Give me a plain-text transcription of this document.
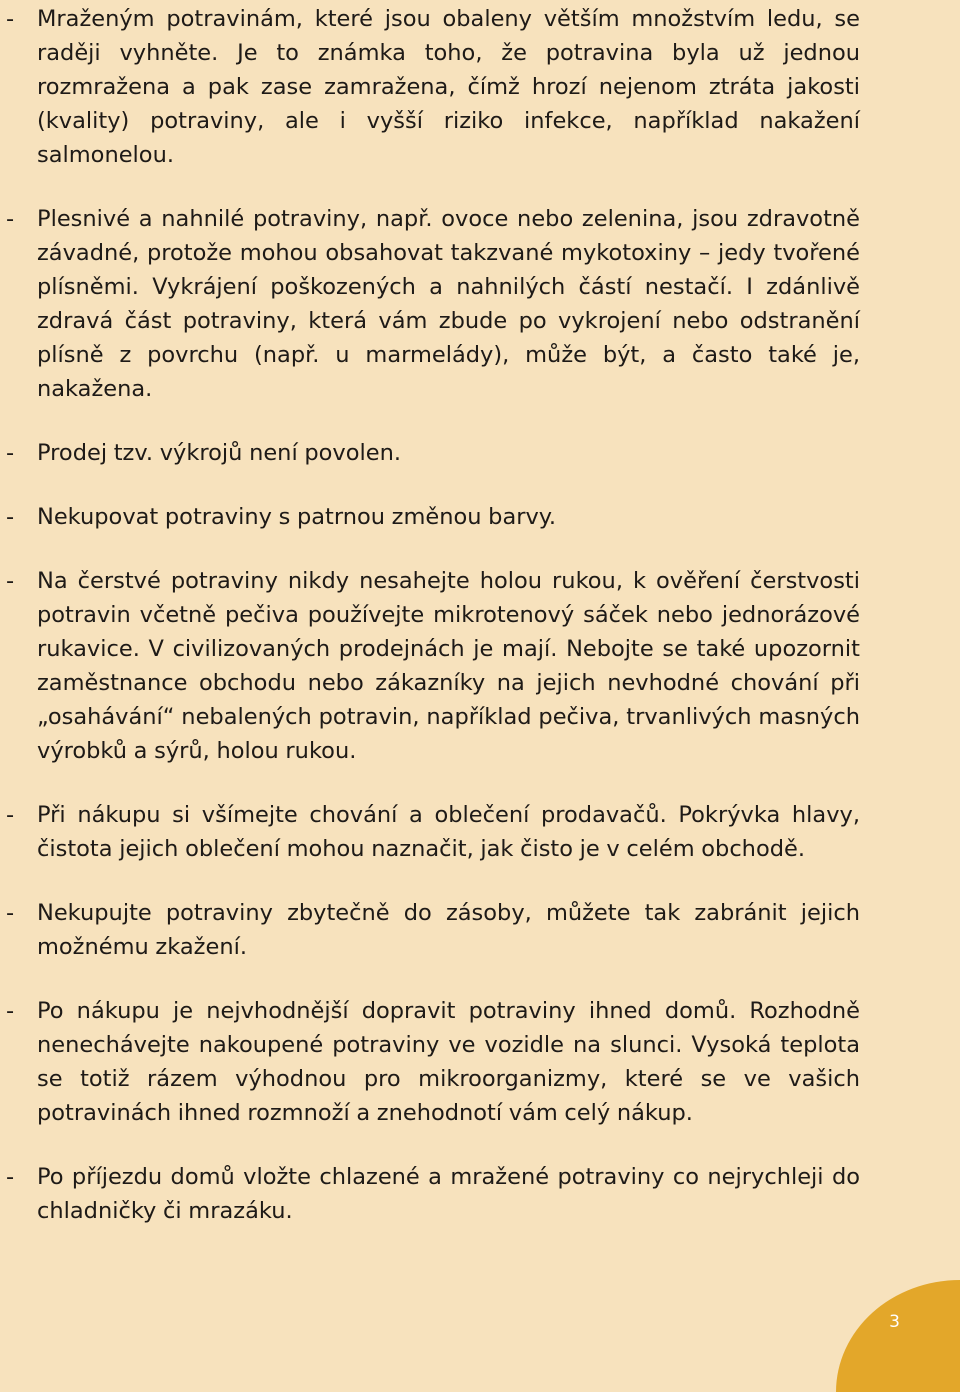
- Mraženým potravinám, které jsou obaleny větším množstvím ledu, se raději vyhněte. Je to známka toho, že potravina byla už jednou rozmražena a pak zase zamražena, čímž hrozí nejenom ztráta jakosti (kvality) potraviny, ale i vyšší riziko infekce, například nakažení salmonelou.
- Plesnivé a nahnilé potraviny, např. ovoce nebo zelenina, jsou zdravotně závadné, protože mohou obsahovat takzvané mykotoxiny – jedy tvořené plísněmi. Vykrájení poškozených a nahnilých částí nestačí. I zdánlivě zdravá část potraviny, která vám zbude po vykrojení nebo odstranění plísně z povrchu (např. u marmelády), může být, a často také je, nakažena.
- Prodej tzv. výkrojů není povolen.
- Nekupovat potraviny s patrnou změnou barvy.
- Na čerstvé potraviny nikdy nesahejte holou rukou, k ověření čerstvosti potravin včetně pečiva používejte mikrotenový sáček nebo jednorázové rukavice. V civilizovaných prodejnách je mají. Nebojte se také upozornit zaměstnance obchodu nebo zákazníky na jejich nevhodné chování při „osahávání“ nebalených potravin, například pečiva, trvanlivých masných výrobků a sýrů, holou rukou.
- Při nákupu si všímejte chování a oblečení prodavačů. Pokrývka hlavy, čistota jejich oblečení mohou naznačit, jak čisto je v celém obchodě.
- Nekupujte potraviny zbytečně do zásoby, můžete tak zabránit jejich možnému zkažení.
- Po nákupu je nejvhodnější dopravit potraviny ihned domů. Rozhodně nenechávejte nakoupené potraviny ve vozidle na slunci. Vysoká teplota se totiž rázem výhodnou pro mikroorganizmy, které se ve vašich potravinách ihned rozmnoží a znehodnotí vám celý nákup.
- Po příjezdu domů vložte chlazené a mražené potraviny co nejrychleji do chladničky či mrazáku.
3
